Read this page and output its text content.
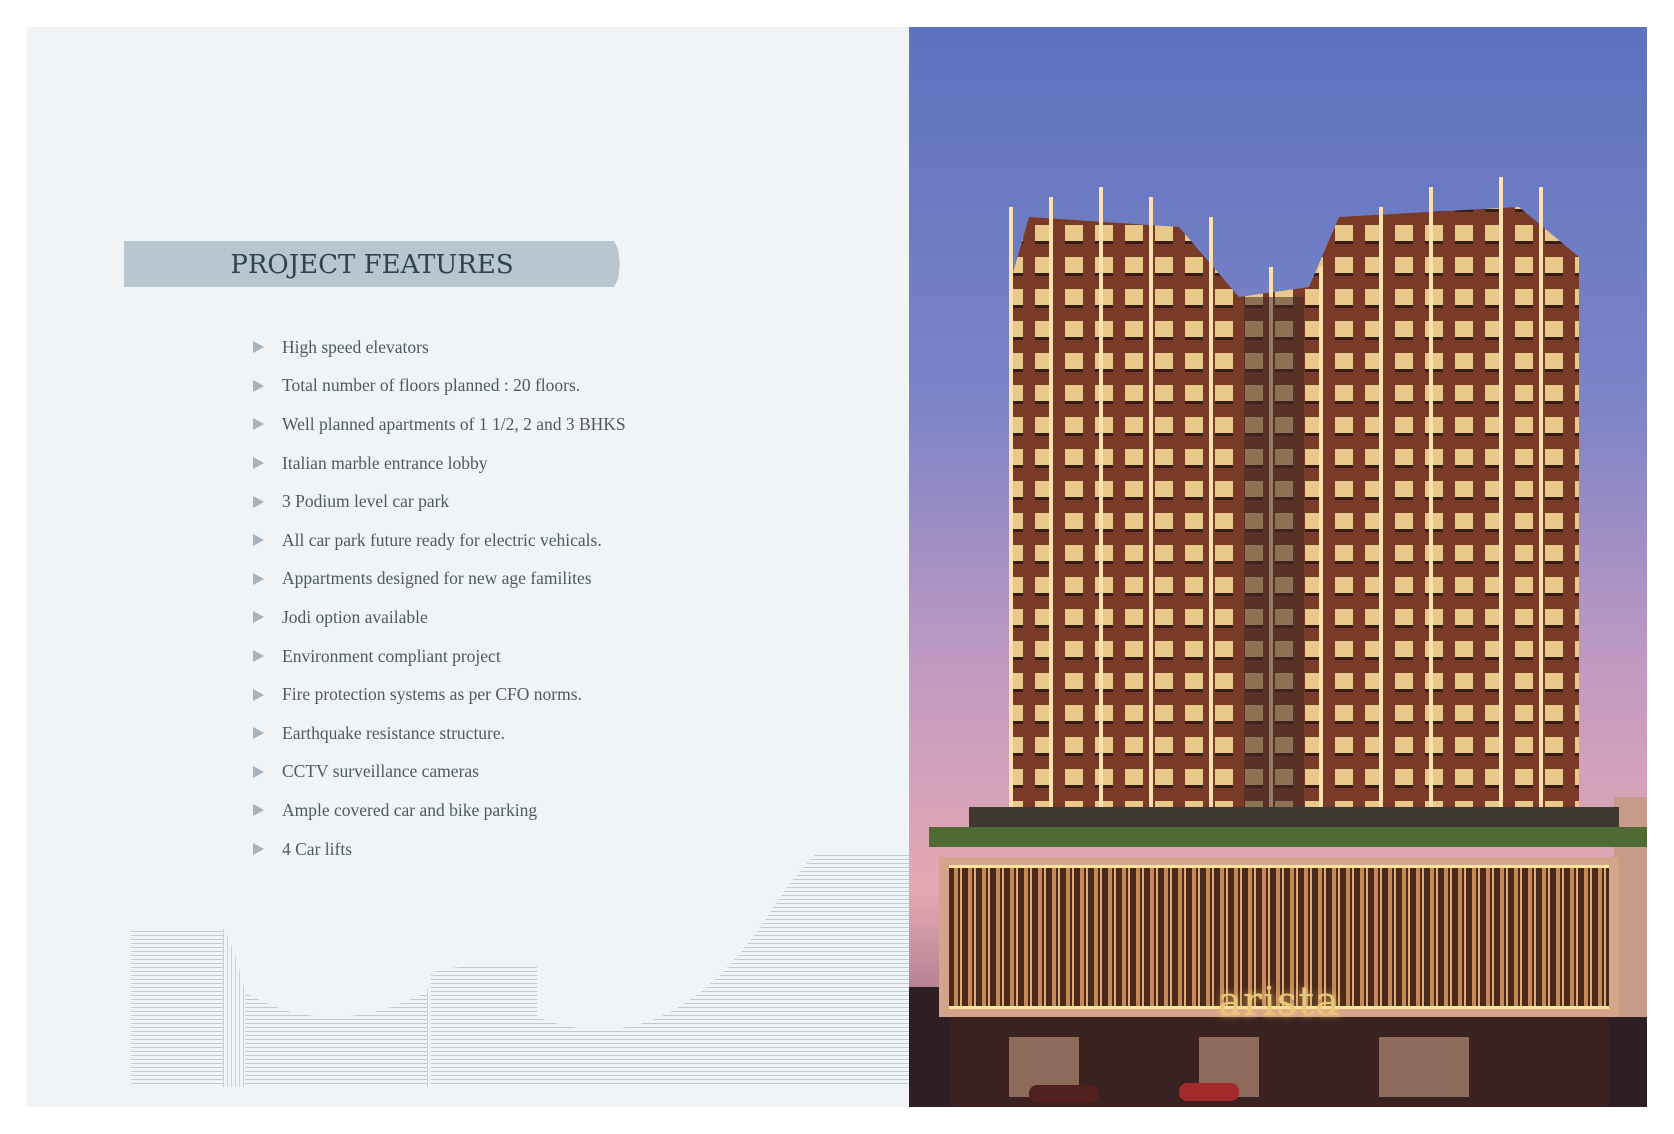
PROJECT FEATURES
High speed elevators
Total number of floors planned : 20 floors.
Well planned apartments of 1 1/2, 2 and 3 BHKS
Italian marble entrance lobby
3 Podium level car park
All car park future ready for electric vehicals.
Appartments designed for new age familites
Jodi option available
Environment compliant project
Fire protection systems as per CFO norms.
Earthquake resistance structure.
CCTV surveillance cameras
Ample covered car and bike parking
4 Car lifts
arista
